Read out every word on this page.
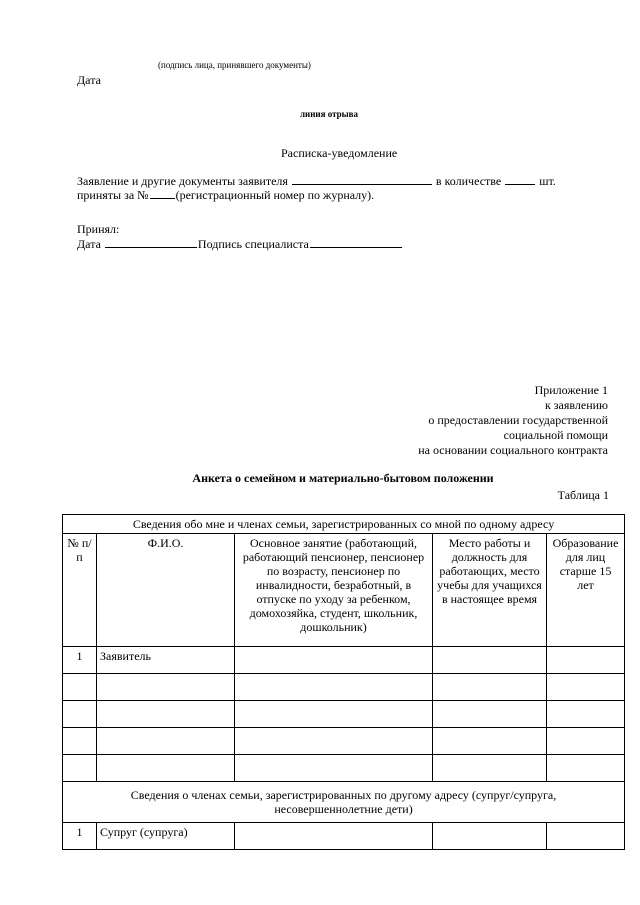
(подпись лица, принявшего документы)
Дата
линия отрыва
Расписка-уведомление
Заявление и другие документы заявителя	в количестве	шт.
приняты за № (регистрационный номер по журналу).
Принял:
Дата	Подпись специалиста
Приложение 1
к заявлению
о предоставлении государственной
социальной помощи
на основании социального контракта
Анкета о семейном и материально-бытовом положении
Таблица 1
Сведения обо мне и членах семьи, зарегистрированных со мной по одному адресу				
№ п/п	Ф.И.О.	Основное занятие (работающий, работающий пенсионер, пенсионер по возрасту, пенсионер по инвалидности, безработный, в отпуске по уходу за ребенком, домохозяйка, студент, школьник, дошкольник)	Место работы и должность для работающих, место учебы для учащихся в настоящее время	Образование для лиц старше 15 лет
1	Заявитель			

Сведения о членах семьи, зарегистрированных по другому адресу (супруг/супруга, несовершеннолетние дети)				
1	Супруг (супруга)			
